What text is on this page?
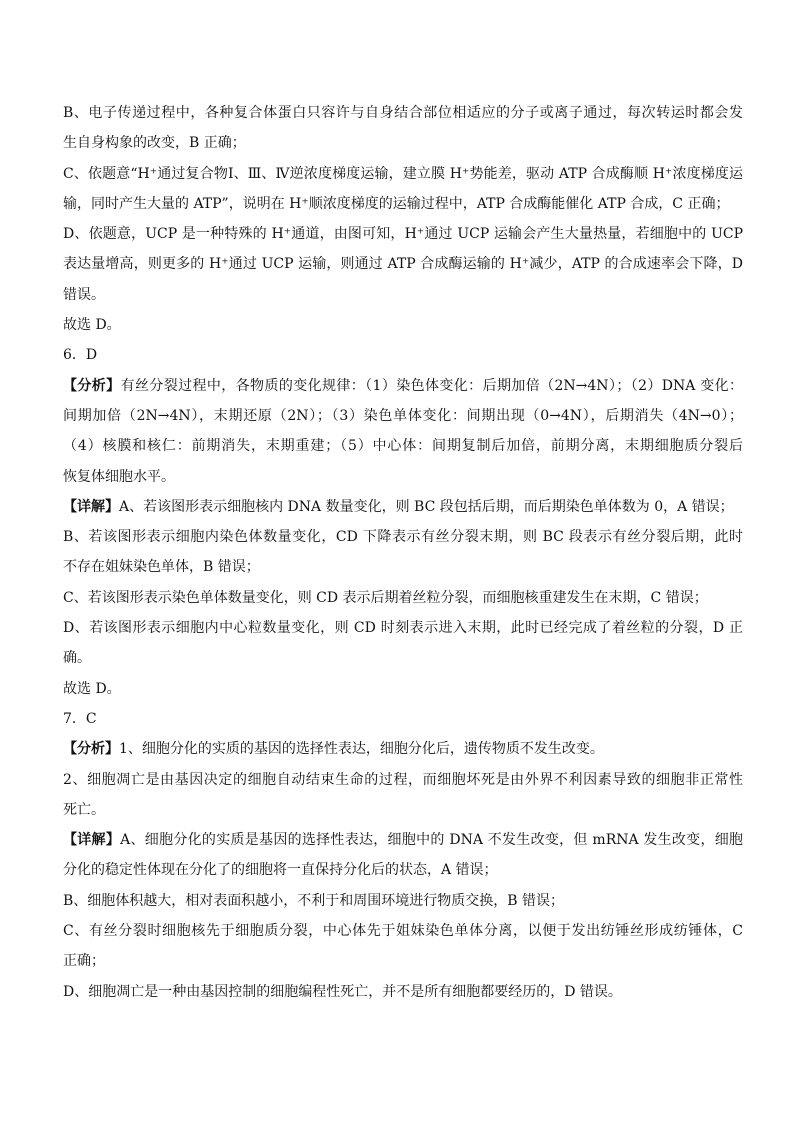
B、电子传递过程中，各种复合体蛋白只容许与自身结合部位相适应的分子或离子通过，每次转运时都会发
生自身构象的改变，B 正确；
C、依题意“H⁺通过复合物Ⅰ、Ⅲ、Ⅳ逆浓度梯度运输，建立膜 H⁺势能差，驱动 ATP 合成酶顺 H⁺浓度梯度运
输，同时产生大量的 ATP”，说明在 H⁺顺浓度梯度的运输过程中，ATP 合成酶能催化 ATP 合成，C 正确；
D、依题意，UCP 是一种特殊的 H⁺通道，由图可知，H⁺通过 UCP 运输会产生大量热量，若细胞中的 UCP
表达量增高，则更多的 H⁺通过 UCP 运输，则通过 ATP 合成酶运输的 H⁺减少，ATP 的合成速率会下降，D
错误。
故选 D。
6．D
【分析】有丝分裂过程中，各物质的变化规律：（1）染色体变化：后期加倍（2N→4N）；（2）DNA 变化：
间期加倍（2N→4N），末期还原（2N）；（3）染色单体变化：间期出现（0→4N），后期消失（4N→0）；
（4）核膜和核仁：前期消失，末期重建；（5）中心体：间期复制后加倍，前期分离，末期细胞质分裂后
恢复体细胞水平。
【详解】A、若该图形表示细胞核内 DNA 数量变化，则 BC 段包括后期，而后期染色单体数为 0，A 错误；
B、若该图形表示细胞内染色体数量变化，CD 下降表示有丝分裂末期，则 BC 段表示有丝分裂后期，此时
不存在姐妹染色单体，B 错误；
C、若该图形表示染色单体数量变化，则 CD 表示后期着丝粒分裂，而细胞核重建发生在末期，C 错误；
D、若该图形表示细胞内中心粒数量变化，则 CD 时刻表示进入末期，此时已经完成了着丝粒的分裂，D 正
确。
故选 D。
7．C
【分析】1、细胞分化的实质的基因的选择性表达，细胞分化后，遗传物质不发生改变。
2、细胞凋亡是由基因决定的细胞自动结束生命的过程，而细胞坏死是由外界不利因素导致的细胞非正常性
死亡。
【详解】A、细胞分化的实质是基因的选择性表达，细胞中的 DNA 不发生改变，但 mRNA 发生改变，细胞
分化的稳定性体现在分化了的细胞将一直保持分化后的状态，A 错误；
B、细胞体积越大，相对表面积越小，不利于和周围环境进行物质交换，B 错误；
C、有丝分裂时细胞核先于细胞质分裂，中心体先于姐妹染色单体分离，以便于发出纺锤丝形成纺锤体，C
正确；
D、细胞凋亡是一种由基因控制的细胞编程性死亡，并不是所有细胞都要经历的，D 错误。
